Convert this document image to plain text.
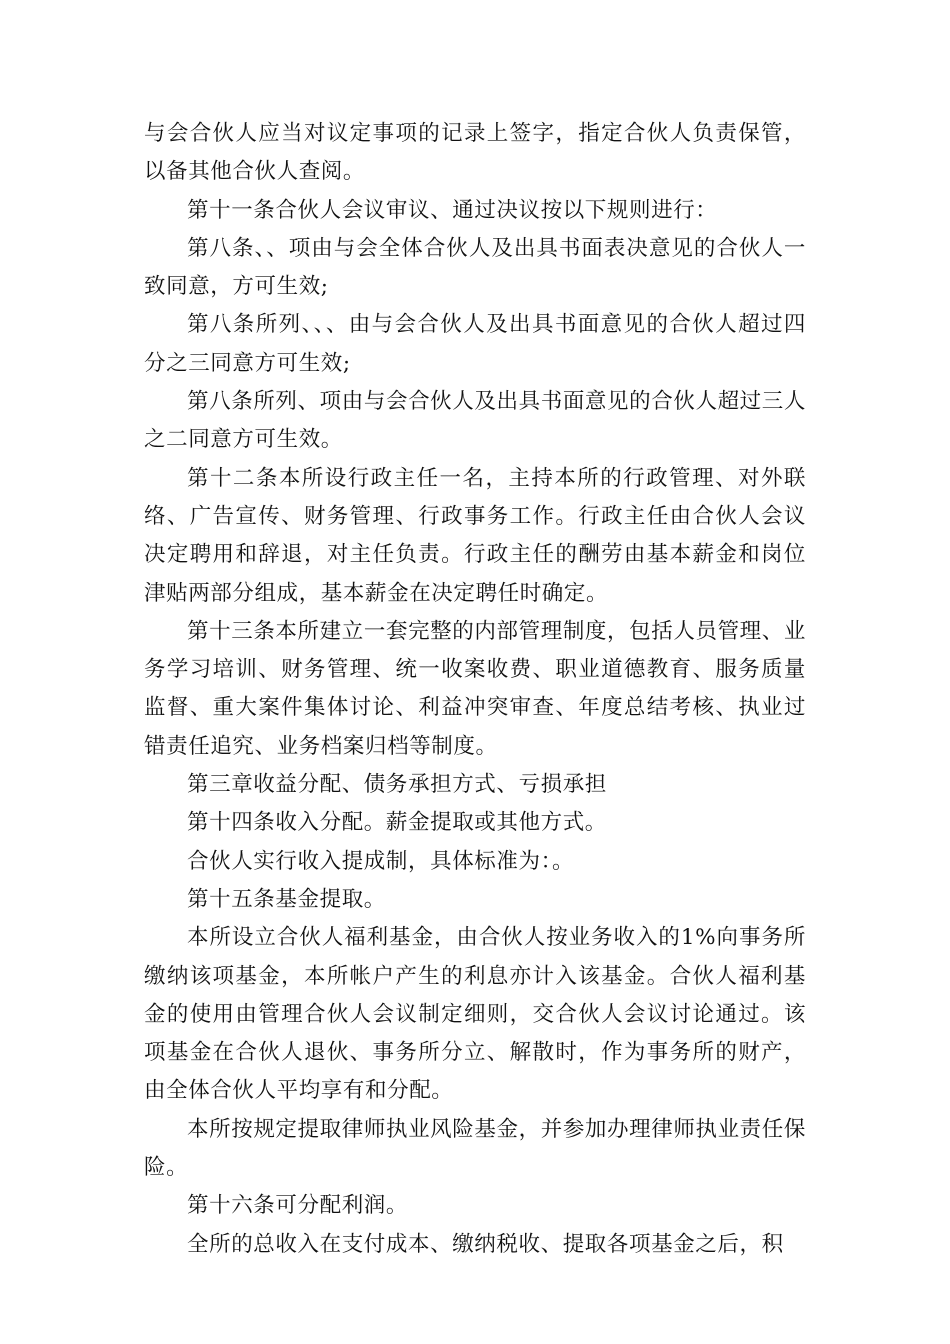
与会合伙人应当对议定事项的记录上签字，指定合伙人负责保管，以备其他合伙人查阅。

第十一条合伙人会议审议、通过决议按以下规则进行：

第八条、、项由与会全体合伙人及出具书面表决意见的合伙人一致同意，方可生效;

第八条所列、、、由与会合伙人及出具书面意见的合伙人超过四分之三同意方可生效;

第八条所列、项由与会合伙人及出具书面意见的合伙人超过三人之二同意方可生效。

第十二条本所设行政主任一名，主持本所的行政管理、对外联络、广告宣传、财务管理、行政事务工作。行政主任由合伙人会议决定聘用和辞退，对主任负责。行政主任的酬劳由基本薪金和岗位津贴两部分组成，基本薪金在决定聘任时确定。

第十三条本所建立一套完整的内部管理制度，包括人员管理、业务学习培训、财务管理、统一收案收费、职业道德教育、服务质量监督、重大案件集体讨论、利益冲突审查、年度总结考核、执业过错责任追究、业务档案归档等制度。

第三章收益分配、债务承担方式、亏损承担

第十四条收入分配。薪金提取或其他方式。

合伙人实行收入提成制，具体标准为：。

第十五条基金提取。

本所设立合伙人福利基金，由合伙人按业务收入的1%向事务所缴纳该项基金，本所帐户产生的利息亦计入该基金。合伙人福利基金的使用由管理合伙人会议制定细则，交合伙人会议讨论通过。该项基金在合伙人退伙、事务所分立、解散时，作为事务所的财产，由全体合伙人平均享有和分配。

本所按规定提取律师执业风险基金，并参加办理律师执业责任保险。

第十六条可分配利润。

全所的总收入在支付成本、缴纳税收、提取各项基金之后，积
